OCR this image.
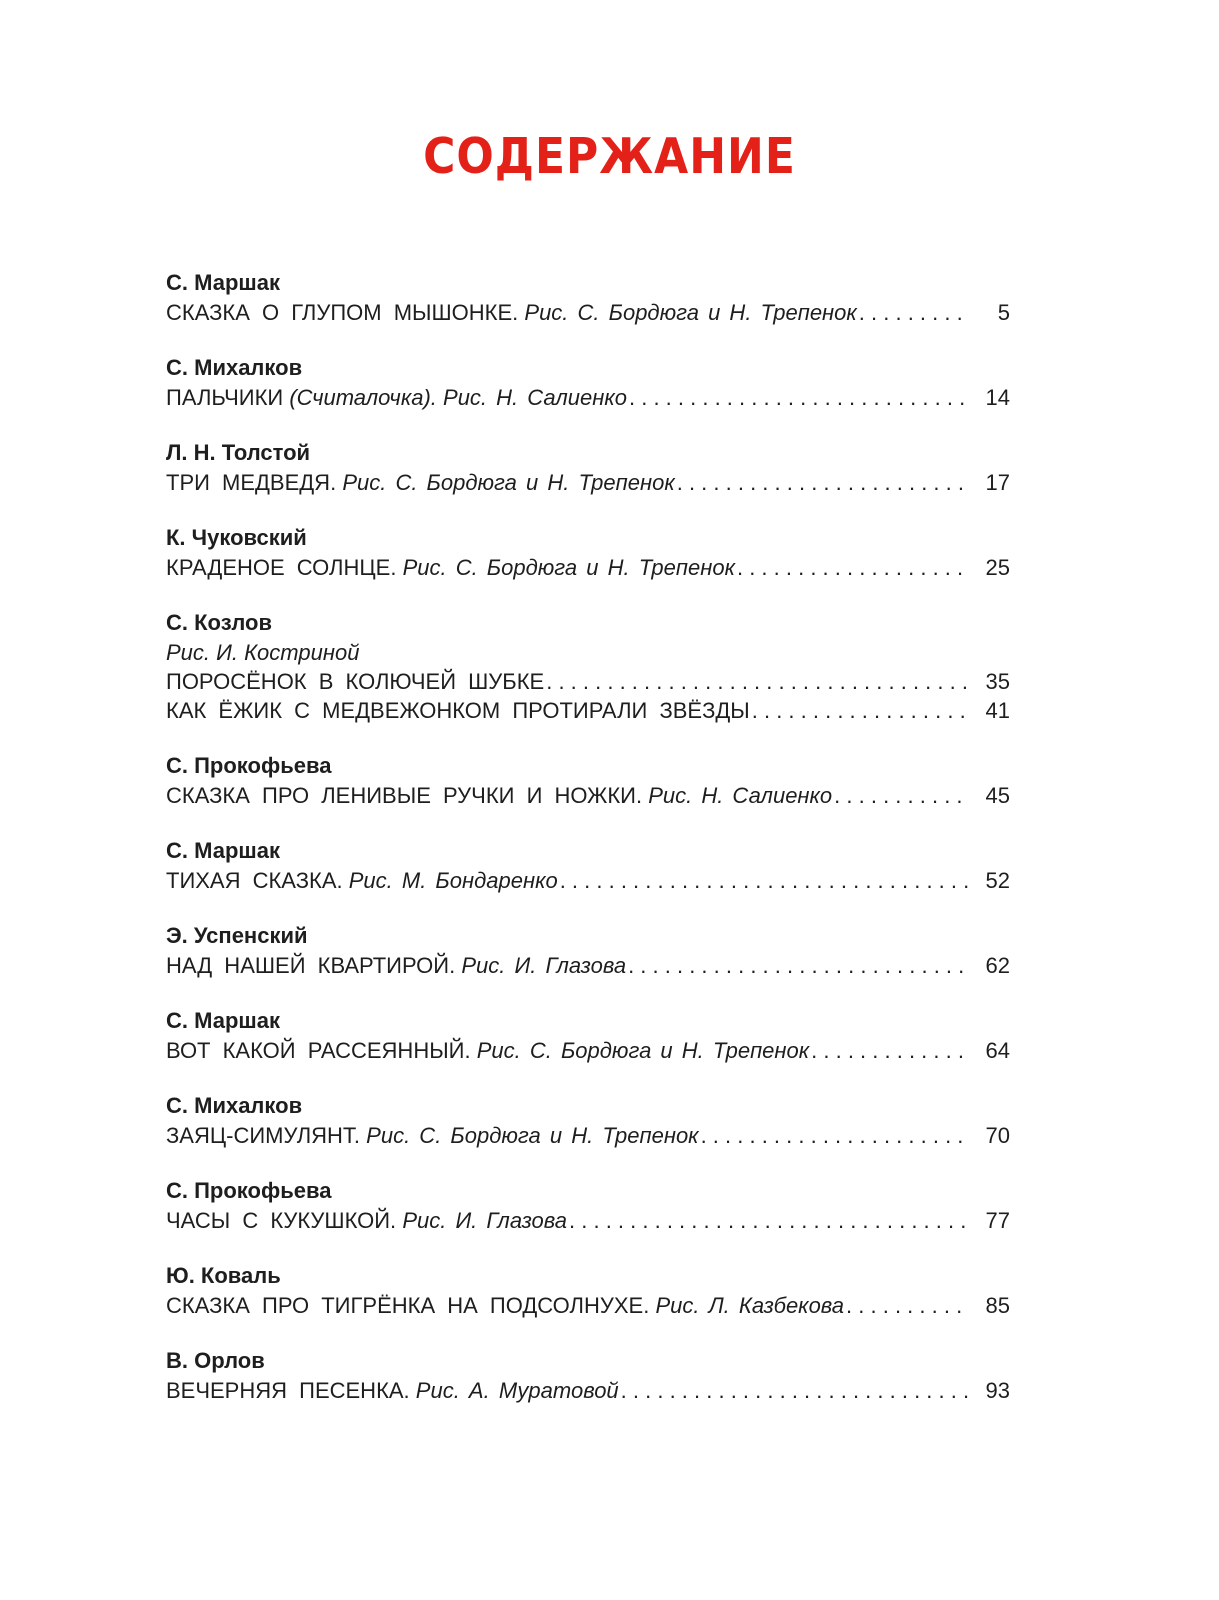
СОДЕРЖАНИЕ
С. Маршак
СКАЗКА О ГЛУПОМ МЫШОНКЕ. Рис. С. Бордюга и Н. Трепенок . . .	5
С. Михалков
ПАЛЬЧИКИ (Считалочка). Рис. Н. Салиенко . . .	14
Л. Н. Толстой
ТРИ МЕДВЕДЯ. Рис. С. Бордюга и Н. Трепенок . . .	17
К. Чуковский
КРАДЕНОЕ СОЛНЦЕ. Рис. С. Бордюга и Н. Трепенок . . .	25
С. Козлов
Рис. И. Костриной
ПОРОСЁНОК В КОЛЮЧЕЙ ШУБКЕ . . .	35
КАК ЁЖИК С МЕДВЕЖОНКОМ ПРОТИРАЛИ ЗВЁЗДЫ . . .	41
С. Прокофьева
СКАЗКА ПРО ЛЕНИВЫЕ РУЧКИ И НОЖКИ. Рис. Н. Салиенко . . .	45
С. Маршак
ТИХАЯ СКАЗКА. Рис. М. Бондаренко . . .	52
Э. Успенский
НАД НАШЕЙ КВАРТИРОЙ. Рис. И. Глазова . . .	62
С. Маршак
ВОТ КАКОЙ РАССЕЯННЫЙ. Рис. С. Бордюга и Н. Трепенок . . .	64
С. Михалков
ЗАЯЦ-СИМУЛЯНТ. Рис. С. Бордюга и Н. Трепенок . . .	70
С. Прокофьева
ЧАСЫ С КУКУШКОЙ. Рис. И. Глазова . . .	77
Ю. Коваль
СКАЗКА ПРО ТИГРЁНКА НА ПОДСОЛНУХЕ. Рис. Л. Казбекова . . .	85
В. Орлов
ВЕЧЕРНЯЯ ПЕСЕНКА. Рис. А. Муратовой . . .	93
